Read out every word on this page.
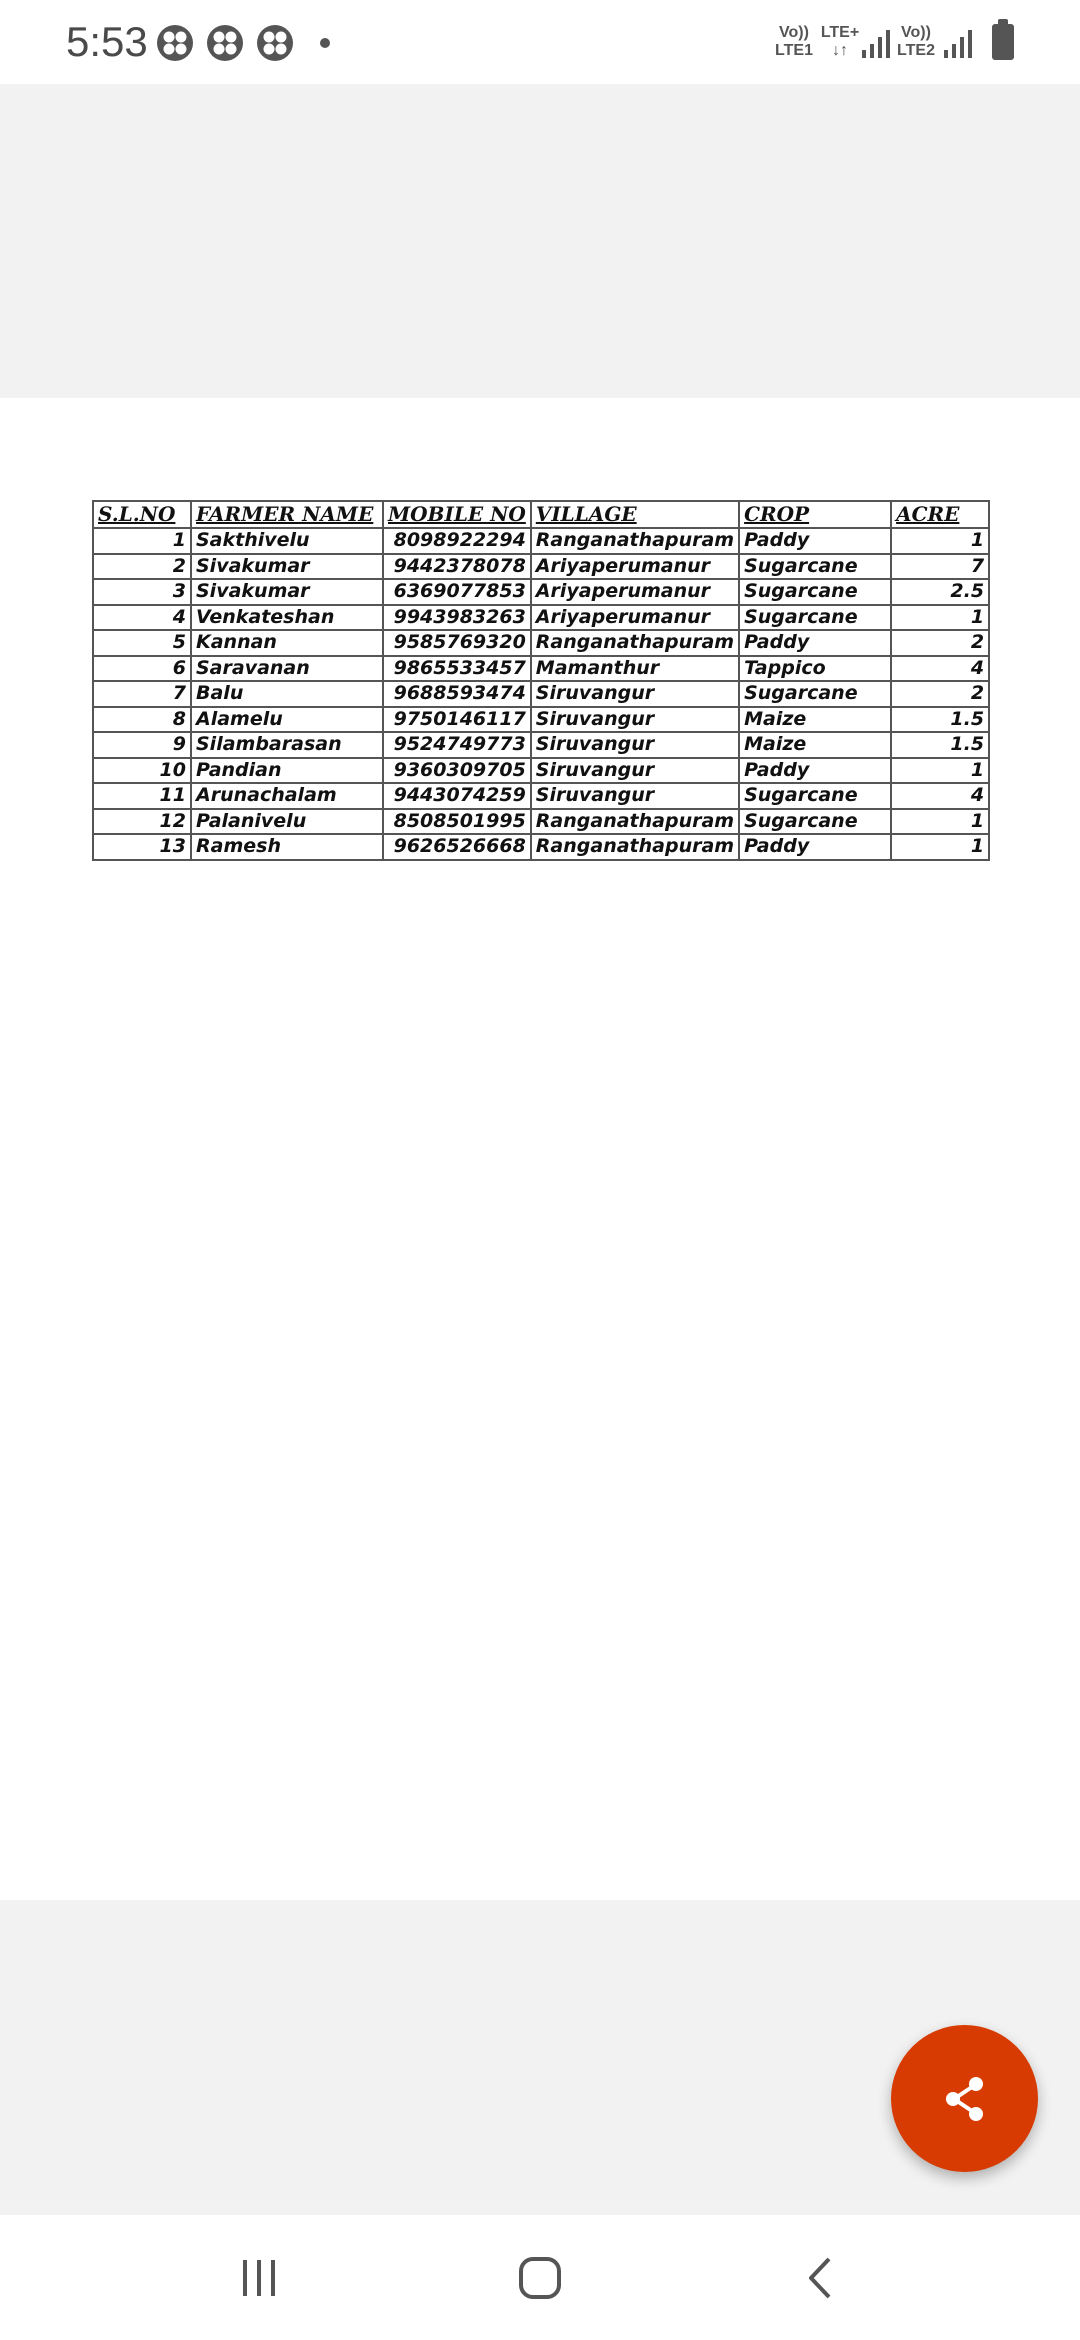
5:53	Vo))
LTE1
LTE+
↓↑
Vo))
LTE2
S.L.NO	FARMER NAME	MOBILE NO	VILLAGE	CROP	ACRE
1	Sakthivelu	8098922294	Ranganathapuram	Paddy	1
2	Sivakumar	9442378078	Ariyaperumanur	Sugarcane	7
3	Sivakumar	6369077853	Ariyaperumanur	Sugarcane	2.5
4	Venkateshan	9943983263	Ariyaperumanur	Sugarcane	1
5	Kannan	9585769320	Ranganathapuram	Paddy	2
6	Saravanan	9865533457	Mamanthur	Tappico	4
7	Balu	9688593474	Siruvangur	Sugarcane	2
8	Alamelu	9750146117	Siruvangur	Maize	1.5
9	Silambarasan	9524749773	Siruvangur	Maize	1.5
10	Pandian	9360309705	Siruvangur	Paddy	1
11	Arunachalam	9443074259	Siruvangur	Sugarcane	4
12	Palanivelu	8508501995	Ranganathapuram	Sugarcane	1
13	Ramesh	9626526668	Ranganathapuram	Paddy	1
